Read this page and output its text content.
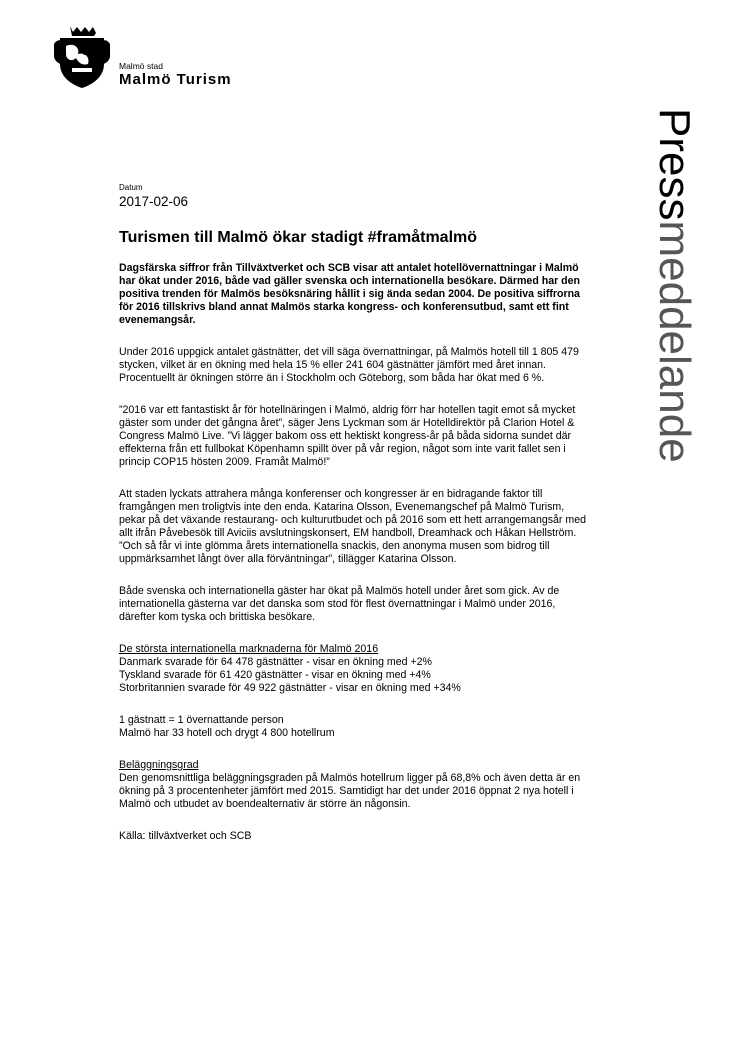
Malmö stad
Malmö Turism
Pressmeddelande
Datum
2017-02-06
Turismen till Malmö ökar stadigt #framåtmalmö
Dagsfärska siffror från Tillväxtverket och SCB visar att antalet hotellövernattningar i Malmö har ökat under 2016, både vad gäller svenska och internationella besökare. Därmed har den positiva trenden för Malmös besöksnäring hållit i sig ända sedan 2004. De positiva siffrorna för 2016 tillskrivs bland annat Malmös starka kongress- och konferensutbud, samt ett fint evenemangsår.

Under 2016 uppgick antalet gästnätter, det vill säga övernattningar, på Malmös hotell till 1 805 479 stycken, vilket är en ökning med hela 15 % eller 241 604 gästnätter jämfört med året innan. Procentuellt är ökningen större än i Stockholm och Göteborg, som båda har ökat med 6 %.

”2016 var ett fantastiskt år för hotellnäringen i Malmö, aldrig förr har hotellen tagit emot så mycket gäster som under det gångna året”, säger Jens Lyckman som är Hotelldirektör på Clarion Hotel & Congress Malmö Live. ”Vi lägger bakom oss ett hektiskt kongress-år på båda sidorna sundet där effekterna från ett fullbokat Köpenhamn spillt över på vår region, något som inte varit fallet sen i princip COP15 hösten 2009. Framåt Malmö!”

Att staden lyckats attrahera många konferenser och kongresser är en bidragande faktor till framgången men troligtvis inte den enda. Katarina Olsson, Evenemangschef på Malmö Turism, pekar på det växande restaurang- och kulturutbudet och på 2016 som ett hett arrangemangsår med allt ifrån Påvebesök till Aviciis avslutningskonsert, EM handboll, Dreamhack och Håkan Hellström. ”Och så får vi inte glömma årets internationella snackis, den anonyma musen som bidrog till uppmärksamhet långt över alla förväntningar”, tillägger Katarina Olsson.

Både svenska och internationella gäster har ökat på Malmös hotell under året som gick. Av de internationella gästerna var det danska som stod för flest övernattningar i Malmö under 2016, därefter kom tyska och brittiska besökare.

De största internationella marknaderna för Malmö 2016
Danmark svarade för 64 478 gästnätter - visar en ökning med +2%
Tyskland svarade för 61 420 gästnätter - visar en ökning med +4%
Storbritannien svarade för 49 922 gästnätter - visar en ökning med +34%

1 gästnatt = 1 övernattande person
Malmö har 33 hotell och drygt 4 800 hotellrum

Beläggningsgrad
Den genomsnittliga beläggningsgraden på Malmös hotellrum ligger på 68,8% och även detta är en ökning på 3 procentenheter jämfört med 2015. Samtidigt har det under 2016 öppnat 2 nya hotell i Malmö och utbudet av boendealternativ är större än någonsin.

Källa: tillväxtverket och SCB
